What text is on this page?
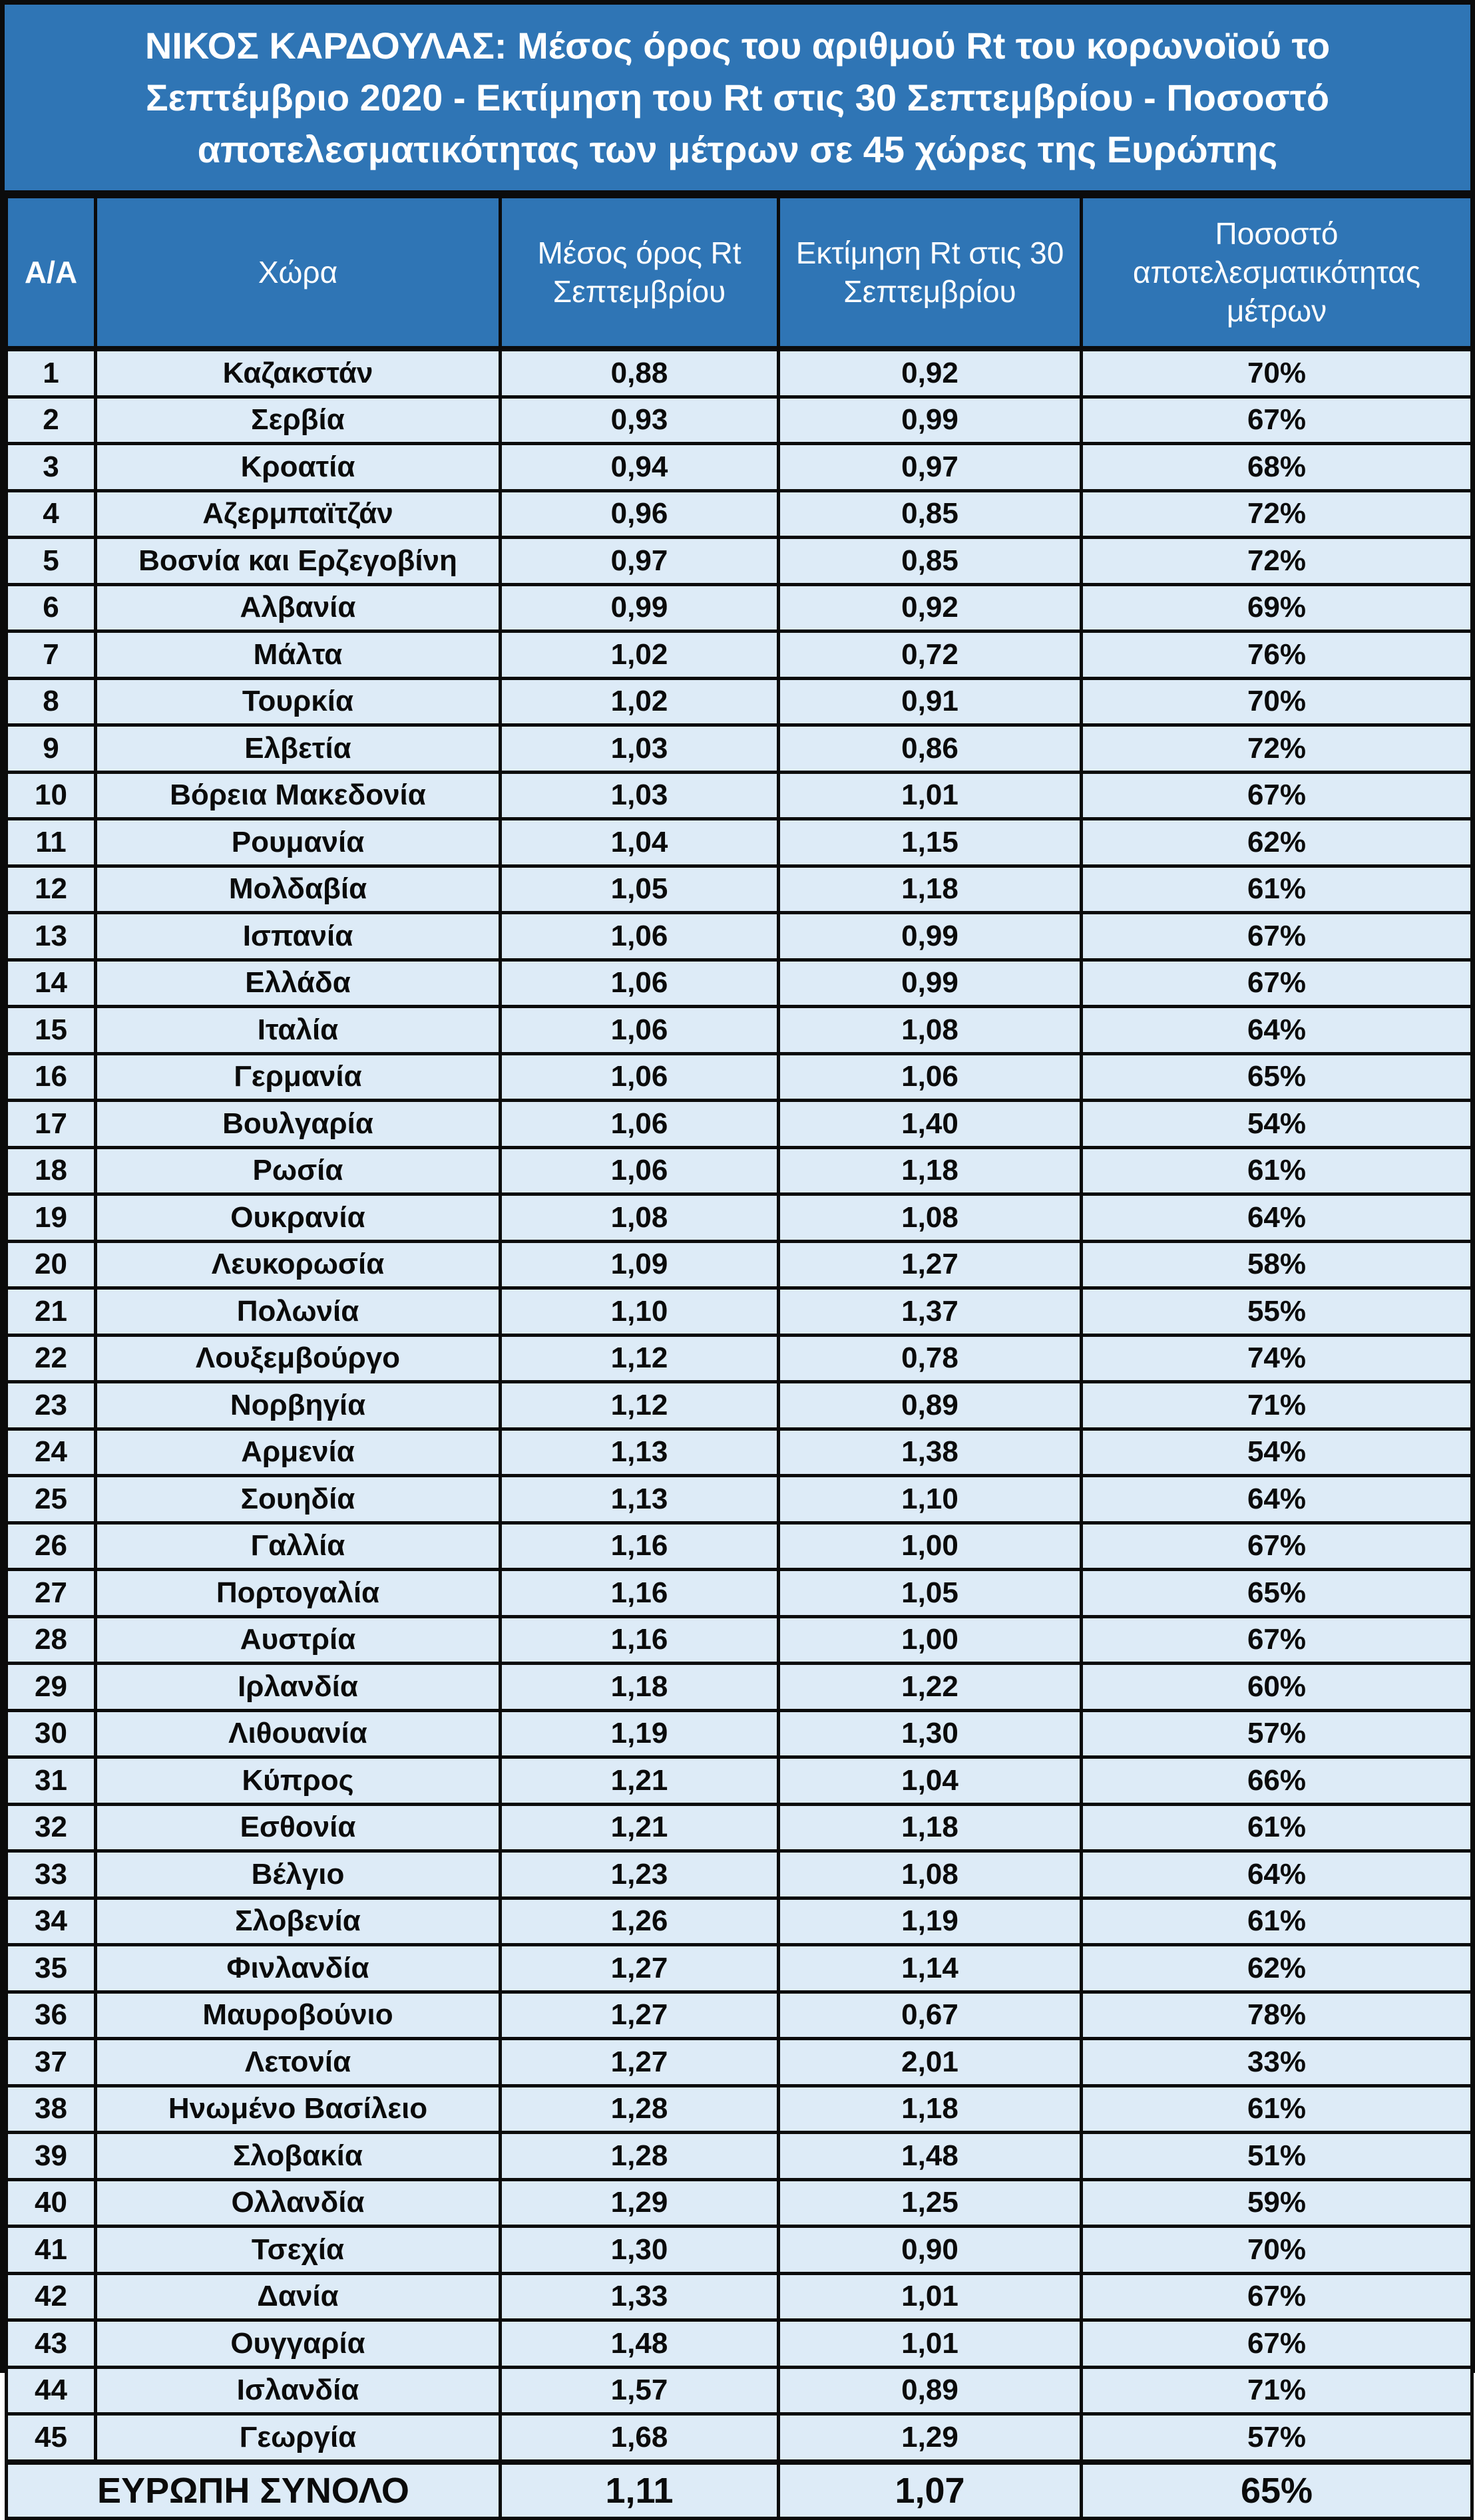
ΝΙΚΟΣ ΚΑΡΔΟΥΛΑΣ: Μέσος όρος του αριθμού Rt του κορωνοϊού το Σεπτέμβριο 2020 - Εκτίμηση του Rt στις 30 Σεπτεμβρίου - Ποσοστό αποτελεσματικότητας των μέτρων σε 45 χώρες της Ευρώπης
Α/Α	Χώρα	Μέσος όρος Rt Σεπτεμβρίου	Εκτίμηση Rt στις 30 Σεπτεμβρίου	Ποσοστό αποτελεσματικότητας μέτρων
1	Καζακστάν	0,88	0,92	70%
2	Σερβία	0,93	0,99	67%
3	Κροατία	0,94	0,97	68%
4	Αζερμπαϊτζάν	0,96	0,85	72%
5	Βοσνία και Ερζεγοβίνη	0,97	0,85	72%
6	Αλβανία	0,99	0,92	69%
7	Μάλτα	1,02	0,72	76%
8	Τουρκία	1,02	0,91	70%
9	Ελβετία	1,03	0,86	72%
10	Βόρεια Μακεδονία	1,03	1,01	67%
11	Ρουμανία	1,04	1,15	62%
12	Μολδαβία	1,05	1,18	61%
13	Ισπανία	1,06	0,99	67%
14	Ελλάδα	1,06	0,99	67%
15	Ιταλία	1,06	1,08	64%
16	Γερμανία	1,06	1,06	65%
17	Βουλγαρία	1,06	1,40	54%
18	Ρωσία	1,06	1,18	61%
19	Ουκρανία	1,08	1,08	64%
20	Λευκορωσία	1,09	1,27	58%
21	Πολωνία	1,10	1,37	55%
22	Λουξεμβούργο	1,12	0,78	74%
23	Νορβηγία	1,12	0,89	71%
24	Αρμενία	1,13	1,38	54%
25	Σουηδία	1,13	1,10	64%
26	Γαλλία	1,16	1,00	67%
27	Πορτογαλία	1,16	1,05	65%
28	Αυστρία	1,16	1,00	67%
29	Ιρλανδία	1,18	1,22	60%
30	Λιθουανία	1,19	1,30	57%
31	Κύπρος	1,21	1,04	66%
32	Εσθονία	1,21	1,18	61%
33	Βέλγιο	1,23	1,08	64%
34	Σλοβενία	1,26	1,19	61%
35	Φινλανδία	1,27	1,14	62%
36	Μαυροβούνιο	1,27	0,67	78%
37	Λετονία	1,27	2,01	33%
38	Ηνωμένο Βασίλειο	1,28	1,18	61%
39	Σλοβακία	1,28	1,48	51%
40	Ολλανδία	1,29	1,25	59%
41	Τσεχία	1,30	0,90	70%
42	Δανία	1,33	1,01	67%
43	Ουγγαρία	1,48	1,01	67%
44	Ισλανδία	1,57	0,89	71%
45	Γεωργία	1,68	1,29	57%
ΕΥΡΩΠΗ ΣΥΝΟΛΟ		1,11	1,07	65%
